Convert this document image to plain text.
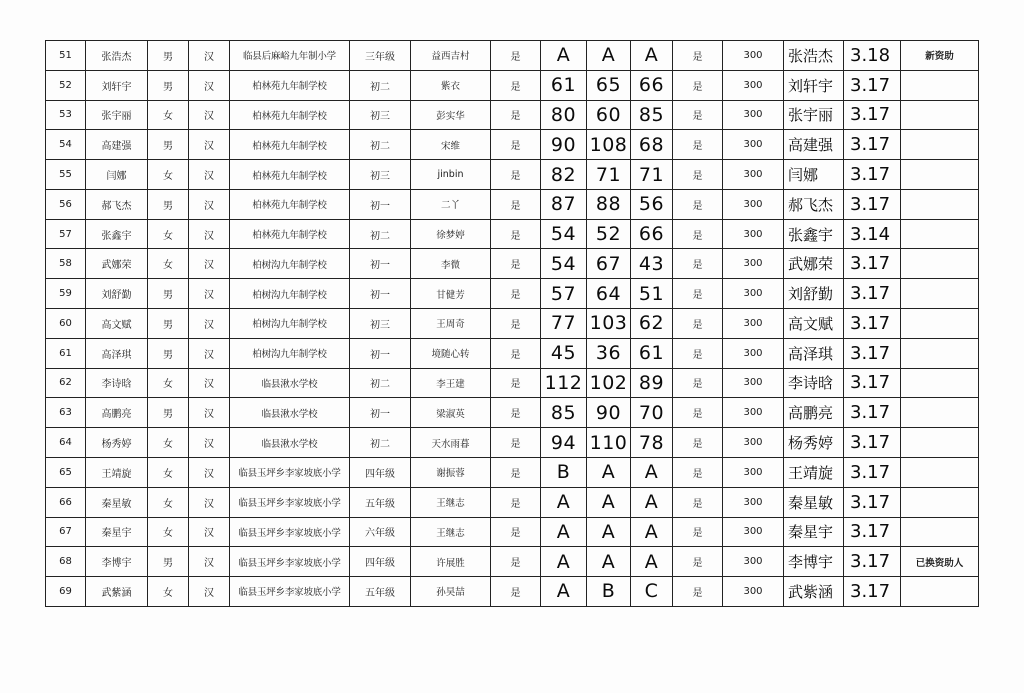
51	张浩杰	男	汉	临县后麻峪九年制小学	三年级	益西吉村	是	A	A	A	是	300	张浩杰	3.18	新资助
52	刘轩宇	男	汉	柏林苑九年制学校	初二	紫衣	是	61	65	66	是	300	刘轩宇	3.17	
53	张宇丽	女	汉	柏林苑九年制学校	初三	彭实华	是	80	60	85	是	300	张宇丽	3.17	
54	高建强	男	汉	柏林苑九年制学校	初二	宋维	是	90	108	68	是	300	高建强	3.17	
55	闫娜	女	汉	柏林苑九年制学校	初三	jinbin	是	82	71	71	是	300	闫娜	3.17	
56	郝飞杰	男	汉	柏林苑九年制学校	初一	二丫	是	87	88	56	是	300	郝飞杰	3.17	
57	张鑫宇	女	汉	柏林苑九年制学校	初二	徐梦婷	是	54	52	66	是	300	张鑫宇	3.14	
58	武娜荣	女	汉	柏树沟九年制学校	初一	李微	是	54	67	43	是	300	武娜荣	3.17	
59	刘舒勤	男	汉	柏树沟九年制学校	初一	甘健芳	是	57	64	51	是	300	刘舒勤	3.17	
60	高文赋	男	汉	柏树沟九年制学校	初三	王周奇	是	77	103	62	是	300	高文赋	3.17	
61	高泽琪	男	汉	柏树沟九年制学校	初一	境随心转	是	45	36	61	是	300	高泽琪	3.17	
62	李诗晗	女	汉	临县湫水学校	初二	李王建	是	112	102	89	是	300	李诗晗	3.17	
63	高鹏亮	男	汉	临县湫水学校	初一	梁淑英	是	85	90	70	是	300	高鹏亮	3.17	
64	杨秀婷	女	汉	临县湫水学校	初二	天水雨暮	是	94	110	78	是	300	杨秀婷	3.17	
65	王靖旋	女	汉	临县玉坪乡李家坡底小学	四年级	谢振蓉	是	B	A	A	是	300	王靖旋	3.17	
66	秦星敏	女	汉	临县玉坪乡李家坡底小学	五年级	王继志	是	A	A	A	是	300	秦星敏	3.17	
67	秦星宇	女	汉	临县玉坪乡李家坡底小学	六年级	王继志	是	A	A	A	是	300	秦星宇	3.17	
68	李博宇	男	汉	临县玉坪乡李家坡底小学	四年级	许展胜	是	A	A	A	是	300	李博宇	3.17	已换资助人
69	武紫涵	女	汉	临县玉坪乡李家坡底小学	五年级	孙昊喆	是	A	B	C	是	300	武紫涵	3.17	
